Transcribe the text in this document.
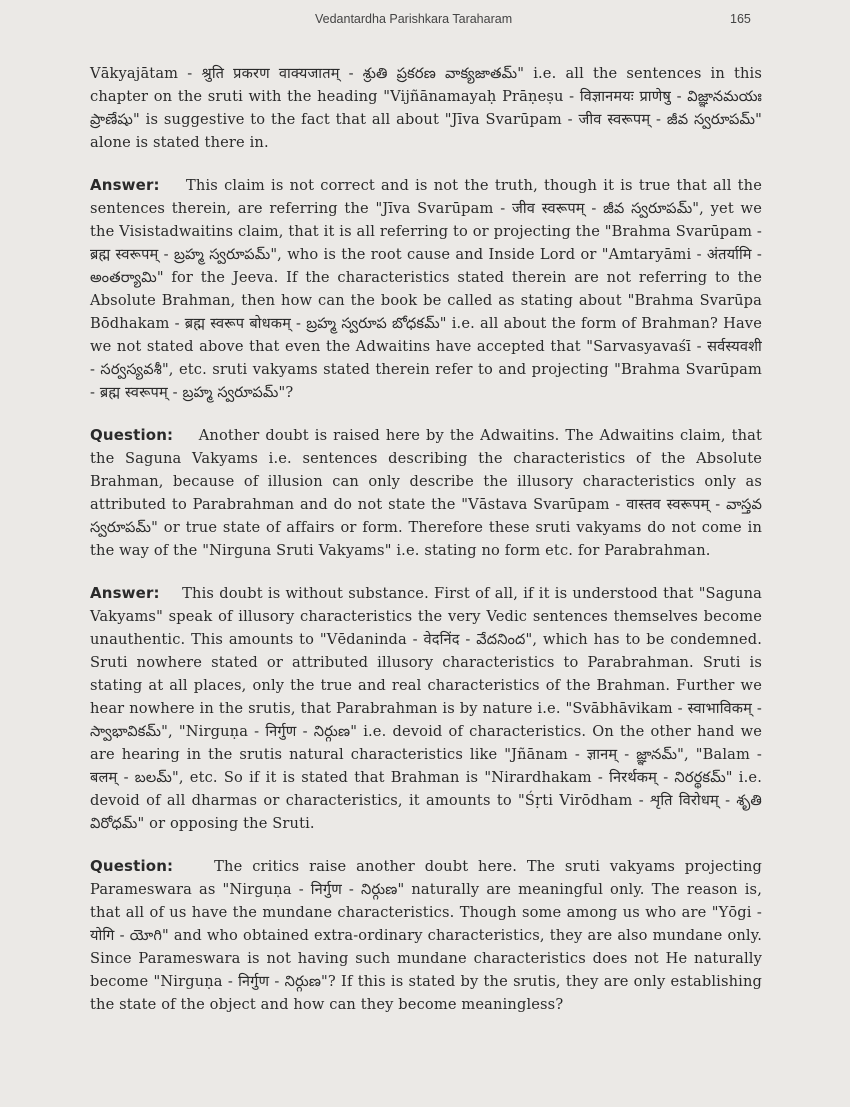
Vedantardha Parishkara Taraharam	165

Vākyajātam - श्रुति प्रकरण वाक्यजातम् - శ్రుతి ప్రకరణ వాక్యజాతమ్" i.e. all the sentences in this chapter on the sruti with the heading "Vijñānamayaḥ Prāṇeṣu - विज्ञानमयः प्राणेषु - విజ్ఞానమయః ప్రాణేషు" is suggestive to the fact that all about "Jīva Svarūpam - जीव स्वरूपम् - జీవ స్వరూపమ్" alone is stated there in.

Answer:    This claim is not correct and is not the truth, though it is true that all the sentences therein, are referring the "Jīva Svarūpam - जीव स्वरूपम् - జీవ స్వరూపమ్", yet we the Visistadwaitins claim, that it is all referring to or projecting the "Brahma Svarūpam - ब्रह्म स्वरूपम् - బ్రహ్మ స్వరూపమ్", who is the root cause and Inside Lord or "Amtaryāmi - अंतर्यामि - అంతర్యామి" for the Jeeva. If the characteristics stated therein are not referring to the Absolute Brahman, then how can the book be called as stating about "Brahma Svarūpa Bōdhakam - ब्रह्म स्वरूप बोधकम् - బ్రహ్మ స్వరూప బోధకమ్" i.e. all about the form of Brahman? Have we not stated above that even the Adwaitins have accepted that "Sarvasyavaśī - सर्वस्यवशी - సర్వస్యవశీ", etc. sruti vakyams stated therein refer to and projecting "Brahma Svarūpam - ब्रह्म स्वरूपम् - బ్రహ్మ స్వరూపమ్"?

Question:    Another doubt is raised here by the Adwaitins. The Adwaitins claim, that the Saguna Vakyams i.e. sentences describing the characteristics of the Absolute Brahman, because of illusion can only describe the illusory characteristics only as attributed to Parabrahman and do not state the "Vāstava Svarūpam - वास्तव स्वरूपम् - వాస్తవ స్వరూపమ్" or true state of affairs or form. Therefore these sruti vakyams do not come in the way of the "Nirguna Sruti Vakyams" i.e. stating no form etc. for Parabrahman.

Answer:    This doubt is without substance. First of all, if it is understood that "Saguna Vakyams" speak of illusory characteristics the very Vedic sentences themselves become unauthentic. This amounts to "Vēdaninda - वेदनिंद - వేదనింద", which has to be condemned. Sruti nowhere stated or attributed illusory characteristics to Parabrahman. Sruti is stating at all places, only the true and real characteristics of the Brahman. Further we hear nowhere in the srutis, that Parabrahman is by nature i.e. "Svābhāvikam - स्वाभाविकम् - స్వాభావికమ్", "Nirguṇa - निर्गुण - నిర్గుణ" i.e. devoid of characteristics. On the other hand we are hearing in the srutis natural characteristics like "Jñānam - ज्ञानम् - జ్ఞానమ్", "Balam - बलम् - బలమ్", etc. So if it is stated that Brahman is "Nirardhakam - निरर्थकम् - నిరర్థకమ్" i.e. devoid of all dharmas or characteristics, it amounts to "Śṛti Virōdham - शृति विरोधम् - శృతి విరోధమ్" or opposing the Sruti.

Question:    The critics raise another doubt here. The sruti vakyams projecting Parameswara as "Nirguṇa - निर्गुण - నిర్గుణ" naturally are meaningful only. The reason is, that all of us have the mundane characteristics. Though some among us who are "Yōgi - योगि - యోగి" and who obtained extra-ordinary characteristics, they are also mundane only. Since Parameswara is not having such mundane characteristics does not He naturally become "Nirguṇa - निर्गुण - నిర్గుణ"? If this is stated by the srutis, they are only establishing the state of the object and how can they become meaningless?
